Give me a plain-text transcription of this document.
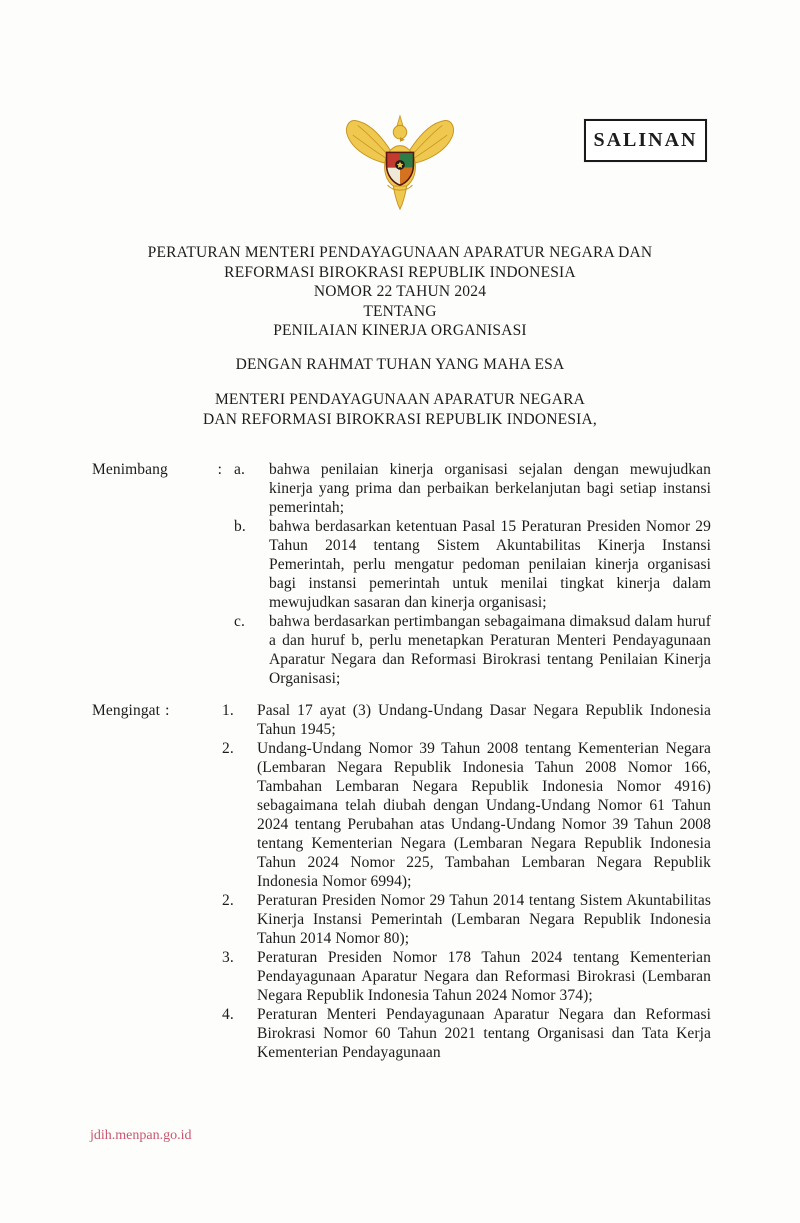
SALINAN
PERATURAN MENTERI PENDAYAGUNAAN APARATUR NEGARA DAN
REFORMASI BIROKRASI REPUBLIK INDONESIA
NOMOR 22 TAHUN 2024
TENTANG
PENILAIAN KINERJA ORGANISASI
DENGAN RAHMAT TUHAN YANG MAHA ESA
MENTERI PENDAYAGUNAAN APARATUR NEGARA
DAN REFORMASI BIROKRASI REPUBLIK INDONESIA,
Menimbang	: a.	bahwa penilaian kinerja organisasi sejalan dengan mewujudkan kinerja yang prima dan perbaikan berkelanjutan bagi setiap instansi pemerintah;
b.	bahwa berdasarkan ketentuan Pasal 15 Peraturan Presiden Nomor 29 Tahun 2014 tentang Sistem Akuntabilitas Kinerja Instansi Pemerintah, perlu mengatur pedoman penilaian kinerja organisasi bagi instansi pemerintah untuk menilai tingkat kinerja dalam mewujudkan sasaran dan kinerja organisasi;
c.	bahwa berdasarkan pertimbangan sebagaimana dimaksud dalam huruf a dan huruf b, perlu menetapkan Peraturan Menteri Pendayagunaan Aparatur Negara dan Reformasi Birokrasi tentang Penilaian Kinerja Organisasi;
Mengingat :	1.	Pasal 17 ayat (3) Undang-Undang Dasar Negara Republik Indonesia Tahun 1945;
2.	Undang-Undang Nomor 39 Tahun 2008 tentang Kementerian Negara (Lembaran Negara Republik Indonesia Tahun 2008 Nomor 166, Tambahan Lembaran Negara Republik Indonesia Nomor 4916) sebagaimana telah diubah dengan Undang-Undang Nomor 61 Tahun 2024 tentang Perubahan atas Undang-Undang Nomor 39 Tahun 2008 tentang Kementerian Negara (Lembaran Negara Republik Indonesia Tahun 2024 Nomor 225, Tambahan Lembaran Negara Republik Indonesia Nomor 6994);
2.	Peraturan Presiden Nomor 29 Tahun 2014 tentang Sistem Akuntabilitas Kinerja Instansi Pemerintah (Lembaran Negara Republik Indonesia Tahun 2014 Nomor 80);
3.	Peraturan Presiden Nomor 178 Tahun 2024 tentang Kementerian Pendayagunaan Aparatur Negara dan Reformasi Birokrasi (Lembaran Negara Republik Indonesia Tahun 2024 Nomor 374);
4.	Peraturan Menteri Pendayagunaan Aparatur Negara dan Reformasi Birokrasi Nomor 60 Tahun 2021 tentang Organisasi dan Tata Kerja Kementerian Pendayagunaan
jdih.menpan.go.id
